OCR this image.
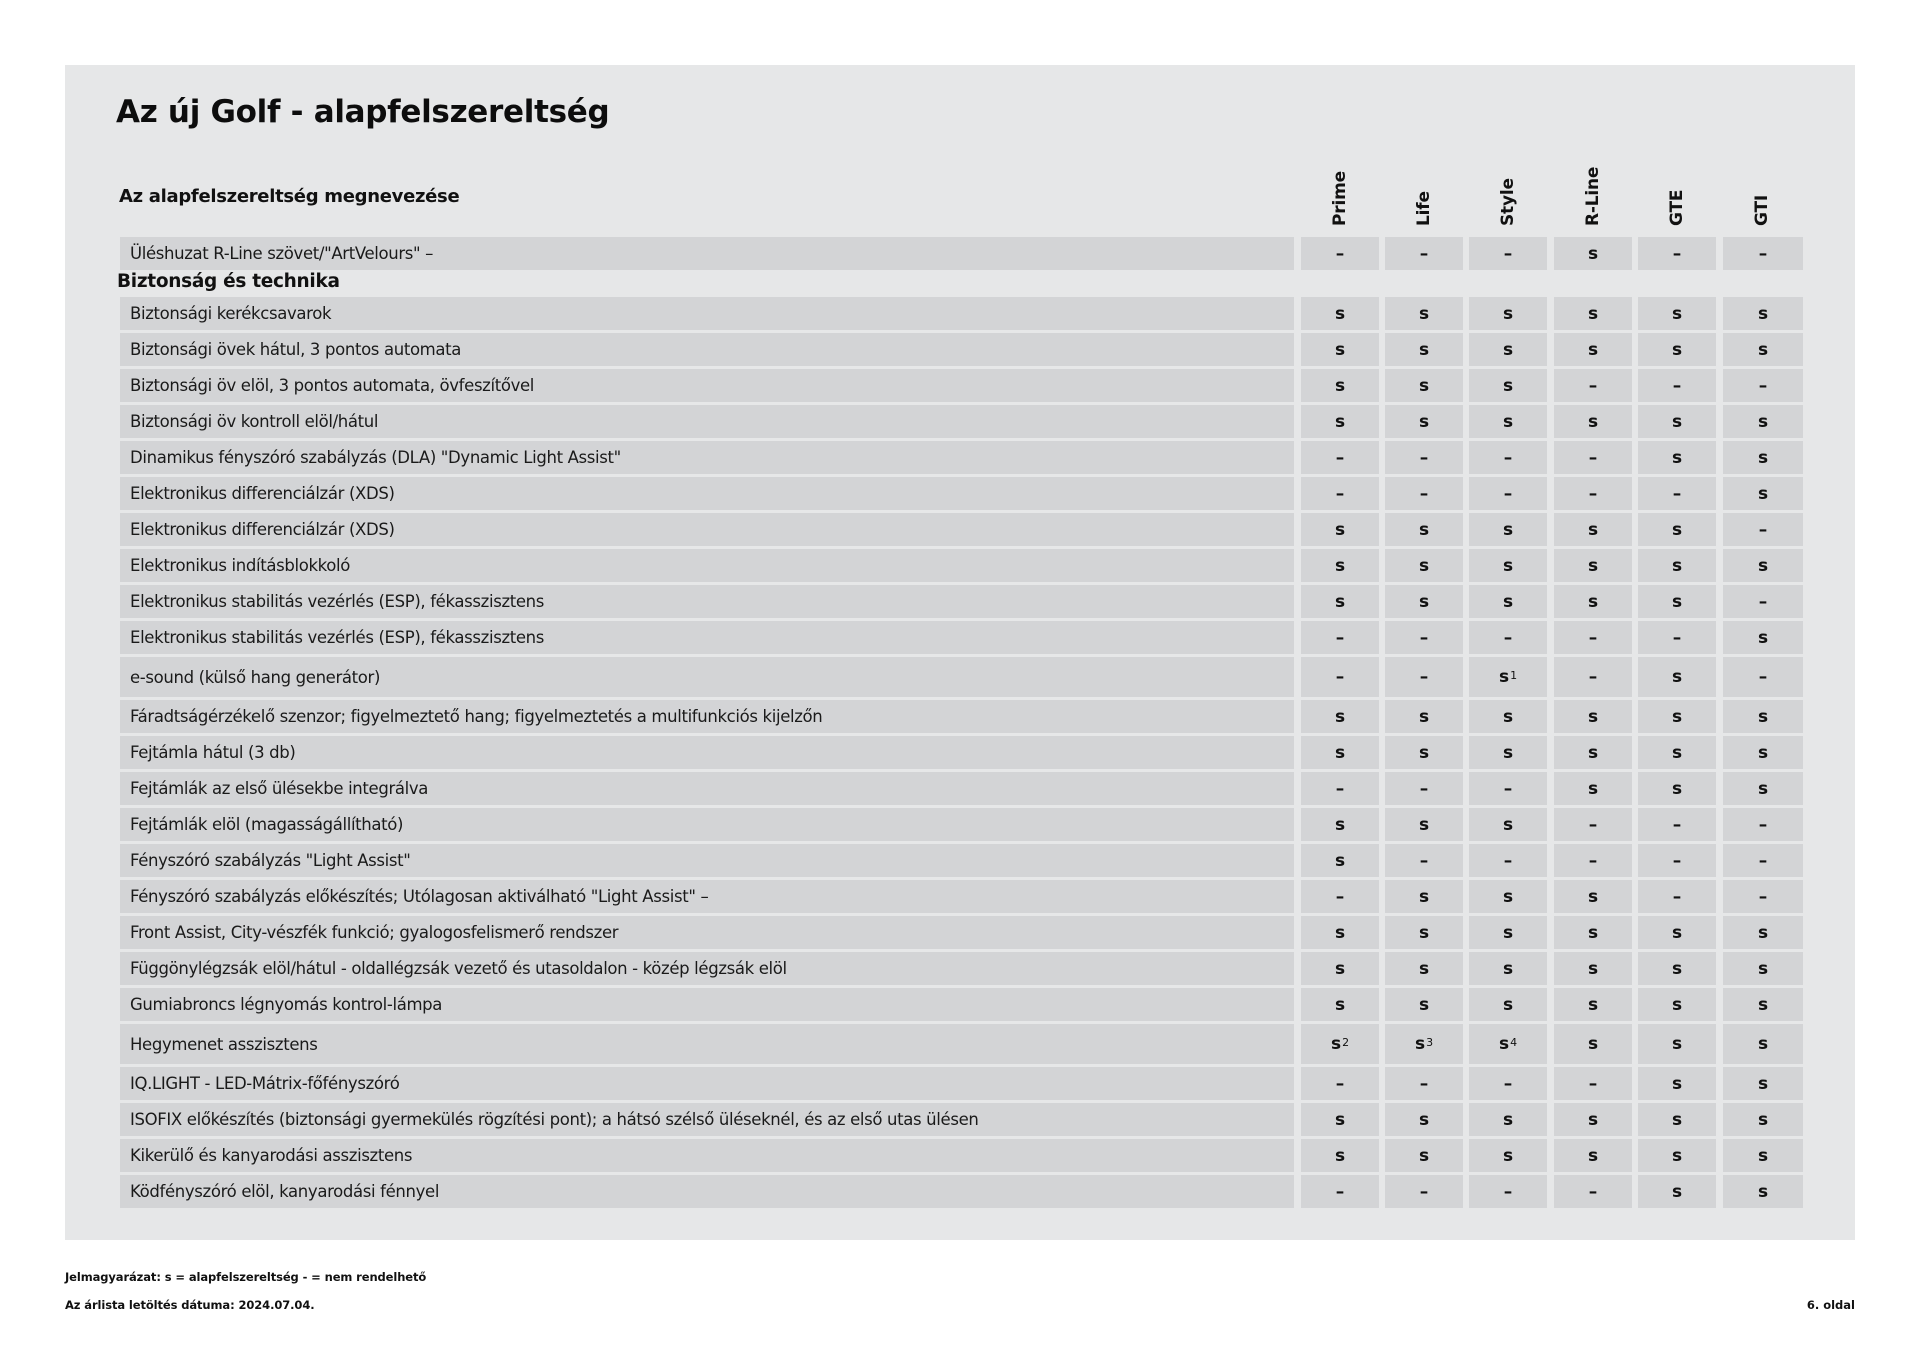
Az új Golf - alapfelszereltség
Az alapfelszereltség megnevezése	Prime	Life	Style	R-Line	GTE	GTI
Üléshuzat R-Line szövet/"ArtVelours" –	–	–	–	s	–	–
Biztonság és technika
Biztonsági kerékcsavarok	s	s	s	s	s	s
Biztonsági övek hátul, 3 pontos automata	s	s	s	s	s	s
Biztonsági öv elöl, 3 pontos automata, övfeszítővel	s	s	s	–	–	–
Biztonsági öv kontroll elöl/hátul	s	s	s	s	s	s
Dinamikus fényszóró szabályzás (DLA) "Dynamic Light Assist"	–	–	–	–	s	s
Elektronikus differenciálzár (XDS)	–	–	–	–	–	s
Elektronikus differenciálzár (XDS)	s	s	s	s	s	–
Elektronikus indításblokkoló	s	s	s	s	s	s
Elektronikus stabilitás vezérlés (ESP), fékasszisztens	s	s	s	s	s	–
Elektronikus stabilitás vezérlés (ESP), fékasszisztens	–	–	–	–	–	s
e-sound (külső hang generátor)	–	–	$s^1$	–	s	–
Fáradtságérzékelő szenzor; figyelmeztető hang; figyelmeztetés a multifunkciós kijelzőn	s	s	s	s	s	s
Fejtámla hátul (3 db)	s	s	s	s	s	s
Fejtámlák az első ülésekbe integrálva	–	–	–	s	s	s
Fejtámlák elöl (magasságállítható)	s	s	s	–	–	–
Fényszóró szabályzás "Light Assist"	s	–	–	–	–	–
Fényszóró szabályzás előkészítés; Utólagosan aktiválható "Light Assist" –	–	s	s	s	–	–
Front Assist, City-vészfék funkció; gyalogosfelismerő rendszer	s	s	s	s	s	s
Függönylégzsák elöl/hátul - oldallégzsák vezető és utasoldalon - közép légzsák elöl	s	s	s	s	s	s
Gumiabroncs légnyomás kontrol-lámpa	s	s	s	s	s	s
Hegymenet asszisztens	$s^2$	$s^3$	$s^4$	s	s	s
IQ.LIGHT - LED-Mátrix-főfényszóró	–	–	–	–	s	s
ISOFIX előkészítés (biztonsági gyermekülés rögzítési pont); a hátsó szélső üléseknél, és az első utas ülésen	s	s	s	s	s	s
Kikerülő és kanyarodási asszisztens	s	s	s	s	s	s
Ködfényszóró elöl, kanyarodási fénnyel	–	–	–	–	s	s
Jelmagyarázat: s = alapfelszereltség - = nem rendelhető
Az árlista letöltés dátuma: 2024.07.04.	6. oldal
